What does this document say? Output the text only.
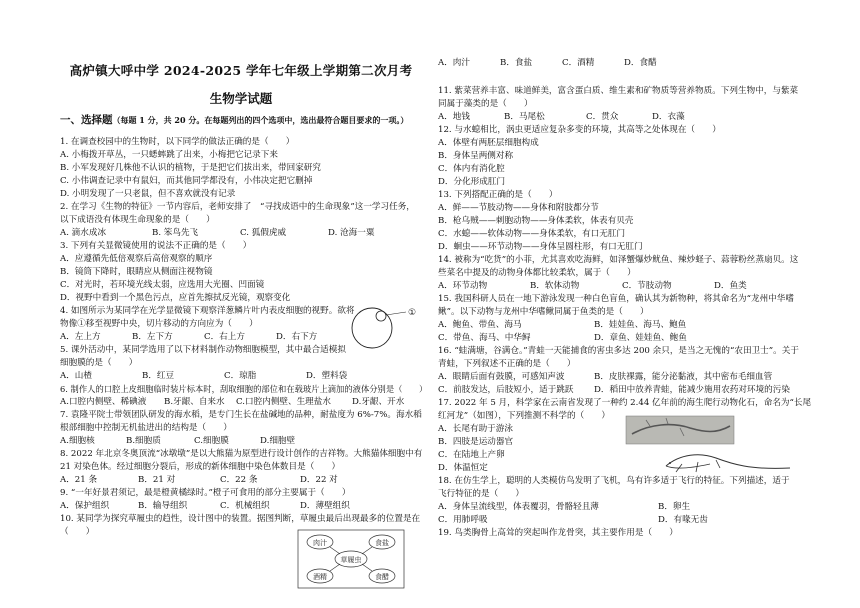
高炉镇大呼中学 2024-2025 学年七年级上学期第二次月考
生物学试题
一、选择题（每题 1 分，共 20 分。在每题列出的四个选项中，选出最符合题目要求的一项。）
1. 在调查校园中的生物时，以下同学的做法正确的是（　　）
A. 小梅拨开草丛，一只蟋蟀跳了出来，小梅把它记录下来
B. 小军发现好几株他不认识的植物，于是把它们拔出来，带回家研究
C. 小伟调查记录中有鼠妇，而其他同学都没有，小伟决定把它删掉
D. 小明发现了一只老鼠，但不喜欢就没有记录
2. 在学习《生物的特征》一节内容后，老师安排了　“寻找成语中的生命现象”这一学习任务，
以下成语没有体现生命现象的是（　　）
A. 滴水成冰	B. 笨鸟先飞	C. 狐假虎威	D. 沧海一粟
3. 下列有关显微镜使用的说法不正确的是（　　）
A．应遵循先低倍观察后高倍观察的顺序
B．镜筒下降时，眼睛应从侧面注视物镜
C．对光时，若环境光线太弱，应选用大光圈、凹面镜
D．视野中看到一个黑色污点，应首先擦拭反光镜，观察变化
4. 如图所示为某同学在光学显微镜下观察洋葱鳞片叶内表皮细胞的视野。欲将
物像①移至视野中央，切片移动的方向应为（　　）
A．左上方	B．左下方	C．右上方	D．右下方
①
5. 课外活动中，某同学选用了以下材料制作动物细胞模型，其中最合适模拟
细胞膜的是（　　）
A．山楂	B．红豆	C．琼脂	D．塑料袋
6. 制作人的口腔上皮细胞临时装片标本时，刮取细胞的部位和在载玻片上滴加的液体分别是（　　）
A.口腔内侧壁、稀碘液 B.牙龈、自来水 C.口腔内侧壁、生理盐水 D.牙龈、开水
7. 袁隆平院士带领团队研发的海水稻，是专门生长在盐碱地的品种，耐盐度为 6%-7%。海水稻
根部细胞中控制无机盐进出的结构是（　　）
A.细胞核	B.细胞质	C.细胞膜	D.细胞壁
8. 2022 年北京冬奥顶流“冰墩墩”是以大熊猫为原型进行设计创作的吉祥物。大熊猫体细胞中有
21 对染色体。经过细胞分裂后，形成的新体细胞中染色体数目是（　　）
A．21 条	B．21 对	C．22 条	D．22 对
9. “一年好景君须记，最是橙黄橘绿时。”橙子可食用的部分主要属于（　　）
A．保护组织	B．输导组织	C．机械组织	D．薄壁组织
10. 某同学为探究草履虫的趋性，设计图中的装置。据图判断，草履虫最后出现最多的位置是在
（　　）
肉汁	食盐
草履虫
酒精	食醋
A．肉汁	B．食盐	C．酒精	D．食醋
11. 紫菜营养丰富、味道鲜美，富含蛋白质、维生素和矿物质等营养物质。下列生物中，与紫菜
同属于藻类的是（　　）
A．地钱	B．马尾松	C．贯众	D．衣藻
12. 与水螅相比，涡虫更适应复杂多变的环境，其高等之处体现在（　　）
A．体壁有两胚层细胞构成
B．身体呈两侧对称
C．体内有消化腔
D．分化形成肛门
13. 下列搭配正确的是（　　）
A．鲜——节肢动物——身体和附肢都分节
B．枪乌贼——刺胞动物——身体柔软，体表有贝壳
C．水螅——软体动物——身体柔软，有口无肛门
D．蛔虫——环节动物——身体呈圆柱形，有口无肛门
14. 被称为“吃货”的小菲，尤其喜欢吃海鲜，如泽蟹爆炒鱿鱼、辣炒蛏子、蒜蓉粉丝蒸扇贝。这
些菜名中提及的动物身体都比较柔软，属于（　　）
A．环节动物	B．软体动物	C．节肢动物	D．鱼类
15. 我国科研人员在一地下游泳发现一种白色盲鱼，确认其为新物种，将其命名为“龙州中华嗜
鳅”。以下动物与龙州中华嗜鳅同属于鱼类的是（　　）
A．鲍鱼、带鱼、海马	B．娃娃鱼、海马、鲍鱼
C．带鱼、海马、中华鲟	D．章鱼、娃娃鱼、鲍鱼
16. “蛙满塘，谷满仓。”青蛙一天能捕食的害虫多达 200 余只，是当之无愧的“农田卫士”。关于
青蛙，下列叙述不正确的是（　　）
A．眼睛后面有鼓膜，可感知声波	B．皮肤裸露，能分泌黏液，其中密布毛细血管
C．前肢发达，后肢短小，适于跳跃 D．稻田中放养青蛙，能减少施用农药对环境的污染
17. 2022 年 5 月，科学家在云南省发现了一种约 2.44 亿年前的海生爬行动物化石，命名为“长尾
红河龙”（如图），下列推测不科学的（　　）
A．长尾有助于游泳
B．四肢是运动器官
C．在陆地上产卵
D．体温恒定
18. 在仿生学上，聪明的人类模仿鸟发明了飞机，鸟有许多适于飞行的特征。下列描述，适于
飞行特征的是（　　）
A．身体呈流线型，体表覆羽，骨骼轻且薄	B．卵生
C．用肺呼吸	D．有喙无齿
19. 鸟类胸骨上高耸的突起叫作龙骨突，其主要作用是（　　）
